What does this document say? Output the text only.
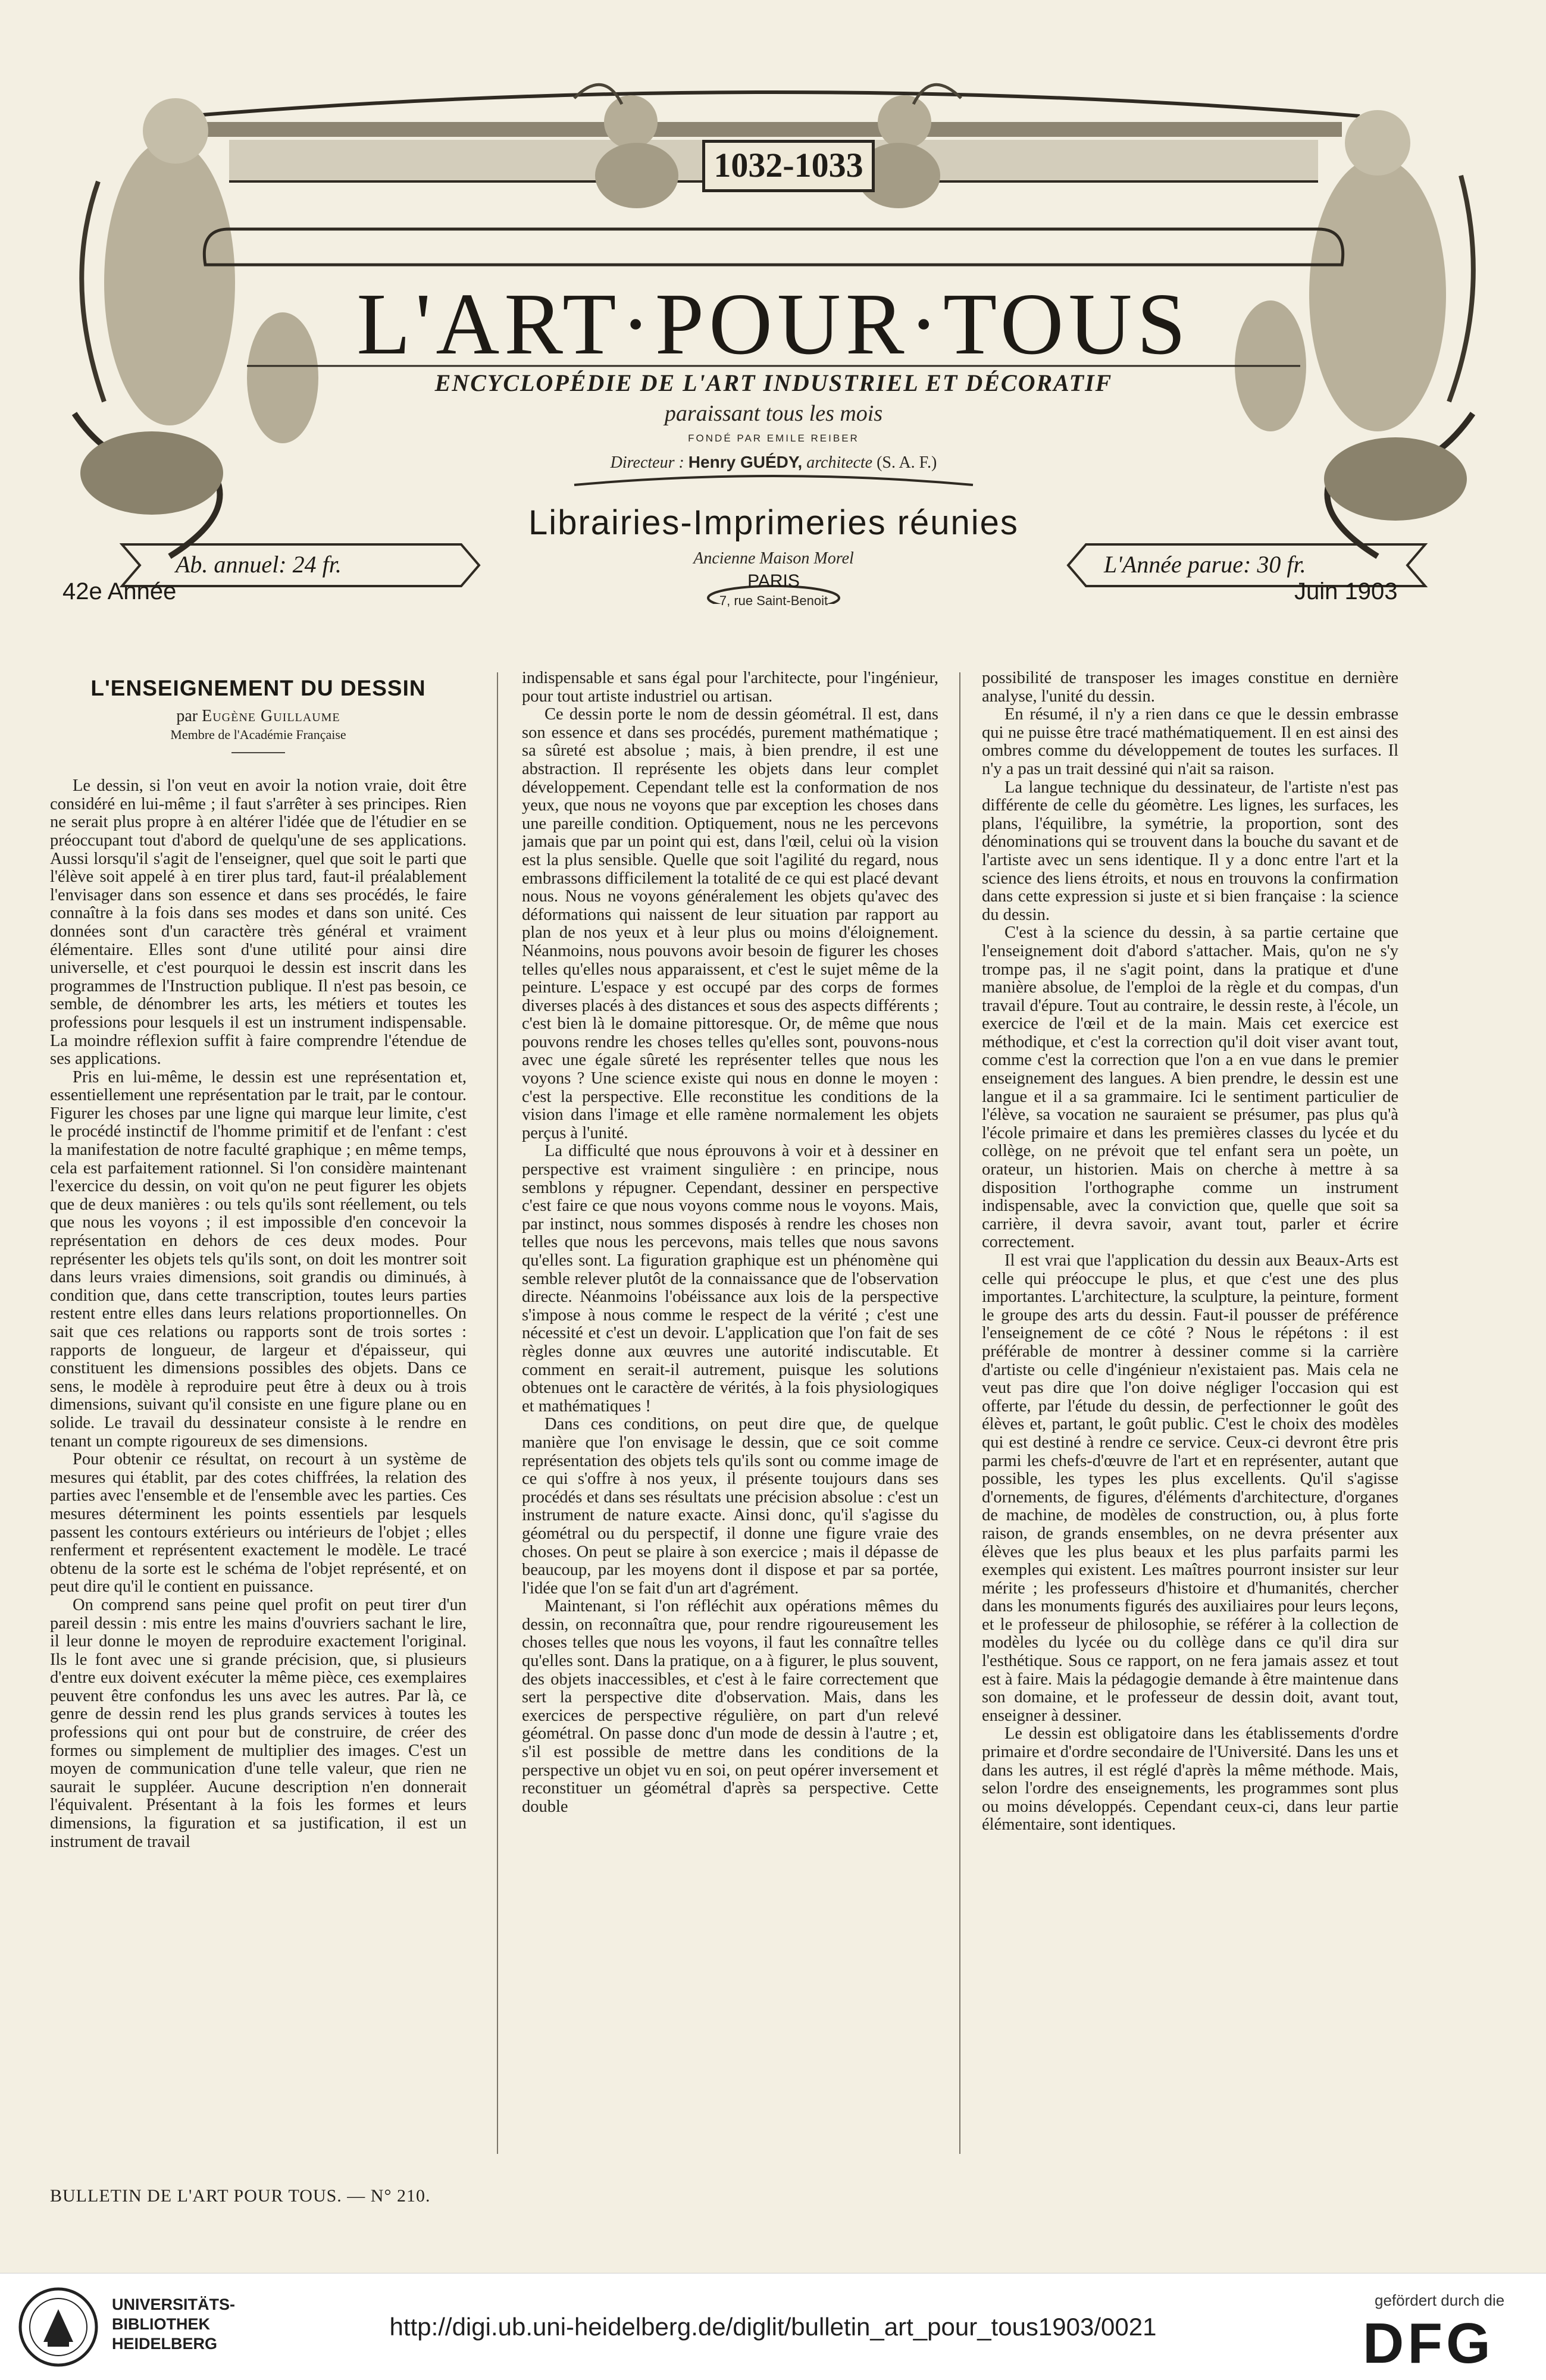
1032-1033
L'ART·POUR·TOUS
ENCYCLOPÉDIE DE L'ART INDUSTRIEL ET DÉCORATIF
paraissant tous les mois
FONDÉ PAR EMILE REIBER
Directeur : Henry GUÉDY, architecte (S. A. F.)
Librairies-Imprimeries réunies
Ancienne Maison Morel
PARIS
7, rue Saint-Benoit
Ab. annuel: 24 fr.	L'Année parue: 30 fr.
42e Année	Juin 1903

L'ENSEIGNEMENT DU DESSIN

par Eugène Guillaume

Membre de l'Académie Française

Le dessin, si l'on veut en avoir la notion vraie, doit être considéré en lui-même ; il faut s'arrêter à ses principes. Rien ne serait plus propre à en altérer l'idée que de l'étudier en se préoccupant tout d'abord de quelqu'une de ses applications. Aussi lorsqu'il s'agit de l'enseigner, quel que soit le parti que l'élève soit appelé à en tirer plus tard, faut-il préalablement l'envisager dans son essence et dans ses procédés, le faire connaître à la fois dans ses modes et dans son unité. Ces données sont d'un caractère très général et vraiment élémentaire. Elles sont d'une utilité pour ainsi dire universelle, et c'est pourquoi le dessin est inscrit dans les programmes de l'Instruction publique. Il n'est pas besoin, ce semble, de dénombrer les arts, les métiers et toutes les professions pour lesquels il est un instrument indispensable. La moindre réflexion suffit à faire comprendre l'étendue de ses applications.

Pris en lui-même, le dessin est une représentation et, essentiellement une représentation par le trait, par le contour. Figurer les choses par une ligne qui marque leur limite, c'est le procédé instinctif de l'homme primitif et de l'enfant : c'est la manifestation de notre faculté graphique ; en même temps, cela est parfaitement rationnel. Si l'on considère maintenant l'exercice du dessin, on voit qu'on ne peut figurer les objets que de deux manières : ou tels qu'ils sont réellement, ou tels que nous les voyons ; il est impossible d'en concevoir la représentation en dehors de ces deux modes. Pour représenter les objets tels qu'ils sont, on doit les montrer soit dans leurs vraies dimensions, soit grandis ou diminués, à condition que, dans cette transcription, toutes leurs parties restent entre elles dans leurs relations proportionnelles. On sait que ces relations ou rapports sont de trois sortes : rapports de longueur, de largeur et d'épaisseur, qui constituent les dimensions possibles des objets. Dans ce sens, le modèle à reproduire peut être à deux ou à trois dimensions, suivant qu'il consiste en une figure plane ou en solide. Le travail du dessinateur consiste à le rendre en tenant un compte rigoureux de ses dimensions.

Pour obtenir ce résultat, on recourt à un système de mesures qui établit, par des cotes chiffrées, la relation des parties avec l'ensemble et de l'ensemble avec les parties. Ces mesures déterminent les points essentiels par lesquels passent les contours extérieurs ou intérieurs de l'objet ; elles renferment et représentent exactement le modèle. Le tracé obtenu de la sorte est le schéma de l'objet représenté, et on peut dire qu'il le contient en puissance.

On comprend sans peine quel profit on peut tirer d'un pareil dessin : mis entre les mains d'ouvriers sachant le lire, il leur donne le moyen de reproduire exactement l'original. Ils le font avec une si grande précision, que, si plusieurs d'entre eux doivent exécuter la même pièce, ces exemplaires peuvent être confondus les uns avec les autres. Par là, ce genre de dessin rend les plus grands services à toutes les professions qui ont pour but de construire, de créer des formes ou simplement de multiplier des images. C'est un moyen de communication d'une telle valeur, que rien ne saurait le suppléer. Aucune description n'en donnerait l'équivalent. Présentant à la fois les formes et leurs dimensions, la figuration et sa justification, il est un instrument de travail

indispensable et sans égal pour l'architecte, pour l'ingénieur, pour tout artiste industriel ou artisan.

Ce dessin porte le nom de dessin géométral. Il est, dans son essence et dans ses procédés, purement mathématique ; sa sûreté est absolue ; mais, à bien prendre, il est une abstraction. Il représente les objets dans leur complet développement. Cependant telle est la conformation de nos yeux, que nous ne voyons que par exception les choses dans une pareille condition. Optiquement, nous ne les percevons jamais que par un point qui est, dans l'œil, celui où la vision est la plus sensible. Quelle que soit l'agilité du regard, nous embrassons difficilement la totalité de ce qui est placé devant nous. Nous ne voyons généralement les objets qu'avec des déformations qui naissent de leur situation par rapport au plan de nos yeux et à leur plus ou moins d'éloignement. Néanmoins, nous pouvons avoir besoin de figurer les choses telles qu'elles nous apparaissent, et c'est le sujet même de la peinture. L'espace y est occupé par des corps de formes diverses placés à des distances et sous des aspects différents ; c'est bien là le domaine pittoresque. Or, de même que nous pouvons rendre les choses telles qu'elles sont, pouvons-nous avec une égale sûreté les représenter telles que nous les voyons ? Une science existe qui nous en donne le moyen : c'est la perspective. Elle reconstitue les conditions de la vision dans l'image et elle ramène normalement les objets perçus à l'unité.

La difficulté que nous éprouvons à voir et à dessiner en perspective est vraiment singulière : en principe, nous semblons y répugner. Cependant, dessiner en perspective c'est faire ce que nous voyons comme nous le voyons. Mais, par instinct, nous sommes disposés à rendre les choses non telles que nous les percevons, mais telles que nous savons qu'elles sont. La figuration graphique est un phénomène qui semble relever plutôt de la connaissance que de l'observation directe. Néanmoins l'obéissance aux lois de la perspective s'impose à nous comme le respect de la vérité ; c'est une nécessité et c'est un devoir. L'application que l'on fait de ses règles donne aux œuvres une autorité indiscutable. Et comment en serait-il autrement, puisque les solutions obtenues ont le caractère de vérités, à la fois physiologiques et mathématiques !

Dans ces conditions, on peut dire que, de quelque manière que l'on envisage le dessin, que ce soit comme représentation des objets tels qu'ils sont ou comme image de ce qui s'offre à nos yeux, il présente toujours dans ses procédés et dans ses résultats une précision absolue : c'est un instrument de nature exacte. Ainsi donc, qu'il s'agisse du géométral ou du perspectif, il donne une figure vraie des choses. On peut se plaire à son exercice ; mais il dépasse de beaucoup, par les moyens dont il dispose et par sa portée, l'idée que l'on se fait d'un art d'agrément.

Maintenant, si l'on réfléchit aux opérations mêmes du dessin, on reconnaîtra que, pour rendre rigoureusement les choses telles que nous les voyons, il faut les connaître telles qu'elles sont. Dans la pratique, on a à figurer, le plus souvent, des objets inaccessibles, et c'est à le faire correctement que sert la perspective dite d'observation. Mais, dans les exercices de perspective régulière, on part d'un relevé géométral. On passe donc d'un mode de dessin à l'autre ; et, s'il est possible de mettre dans les conditions de la perspective un objet vu en soi, on peut opérer inversement et reconstituer un géométral d'après sa perspective. Cette double

possibilité de transposer les images constitue en dernière analyse, l'unité du dessin.

En résumé, il n'y a rien dans ce que le dessin embrasse qui ne puisse être tracé mathématiquement. Il en est ainsi des ombres comme du développement de toutes les surfaces. Il n'y a pas un trait dessiné qui n'ait sa raison.

La langue technique du dessinateur, de l'artiste n'est pas différente de celle du géomètre. Les lignes, les surfaces, les plans, l'équilibre, la symétrie, la proportion, sont des dénominations qui se trouvent dans la bouche du savant et de l'artiste avec un sens identique. Il y a donc entre l'art et la science des liens étroits, et nous en trouvons la confirmation dans cette expression si juste et si bien française : la science du dessin.

C'est à la science du dessin, à sa partie certaine que l'enseignement doit d'abord s'attacher. Mais, qu'on ne s'y trompe pas, il ne s'agit point, dans la pratique et d'une manière absolue, de l'emploi de la règle et du compas, d'un travail d'épure. Tout au contraire, le dessin reste, à l'école, un exercice de l'œil et de la main. Mais cet exercice est méthodique, et c'est la correction qu'il doit viser avant tout, comme c'est la correction que l'on a en vue dans le premier enseignement des langues. A bien prendre, le dessin est une langue et il a sa grammaire. Ici le sentiment particulier de l'élève, sa vocation ne sauraient se présumer, pas plus qu'à l'école primaire et dans les premières classes du lycée et du collège, on ne prévoit que tel enfant sera un poète, un orateur, un historien. Mais on cherche à mettre à sa disposition l'orthographe comme un instrument indispensable, avec la conviction que, quelle que soit sa carrière, il devra savoir, avant tout, parler et écrire correctement.

Il est vrai que l'application du dessin aux Beaux-Arts est celle qui préoccupe le plus, et que c'est une des plus importantes. L'architecture, la sculpture, la peinture, forment le groupe des arts du dessin. Faut-il pousser de préférence l'enseignement de ce côté ? Nous le répétons : il est préférable de montrer à dessiner comme si la carrière d'artiste ou celle d'ingénieur n'existaient pas. Mais cela ne veut pas dire que l'on doive négliger l'occasion qui est offerte, par l'étude du dessin, de perfectionner le goût des élèves et, partant, le goût public. C'est le choix des modèles qui est destiné à rendre ce service. Ceux-ci devront être pris parmi les chefs-d'œuvre de l'art et en représenter, autant que possible, les types les plus excellents. Qu'il s'agisse d'ornements, de figures, d'éléments d'architecture, d'organes de machine, de modèles de construction, ou, à plus forte raison, de grands ensembles, on ne devra présenter aux élèves que les plus beaux et les plus parfaits parmi les exemples qui existent. Les maîtres pourront insister sur leur mérite ; les professeurs d'histoire et d'humanités, chercher dans les monuments figurés des auxiliaires pour leurs leçons, et le professeur de philosophie, se référer à la collection de modèles du lycée ou du collège dans ce qu'il dira sur l'esthétique. Sous ce rapport, on ne fera jamais assez et tout est à faire. Mais la pédagogie demande à être maintenue dans son domaine, et le professeur de dessin doit, avant tout, enseigner à dessiner.

Le dessin est obligatoire dans les établissements d'ordre primaire et d'ordre secondaire de l'Université. Dans les uns et dans les autres, il est réglé d'après la même méthode. Mais, selon l'ordre des enseignements, les programmes sont plus ou moins développés. Cependant ceux-ci, dans leur partie élémentaire, sont identiques.

BULLETIN DE L'ART POUR TOUS. — N° 210.
UNIVERSITÄTS-
BIBLIOTHEK
HEIDELBERG
http://digi.ub.uni-heidelberg.de/diglit/bulletin_art_pour_tous1903/0021
gefördert durch die
DFG
